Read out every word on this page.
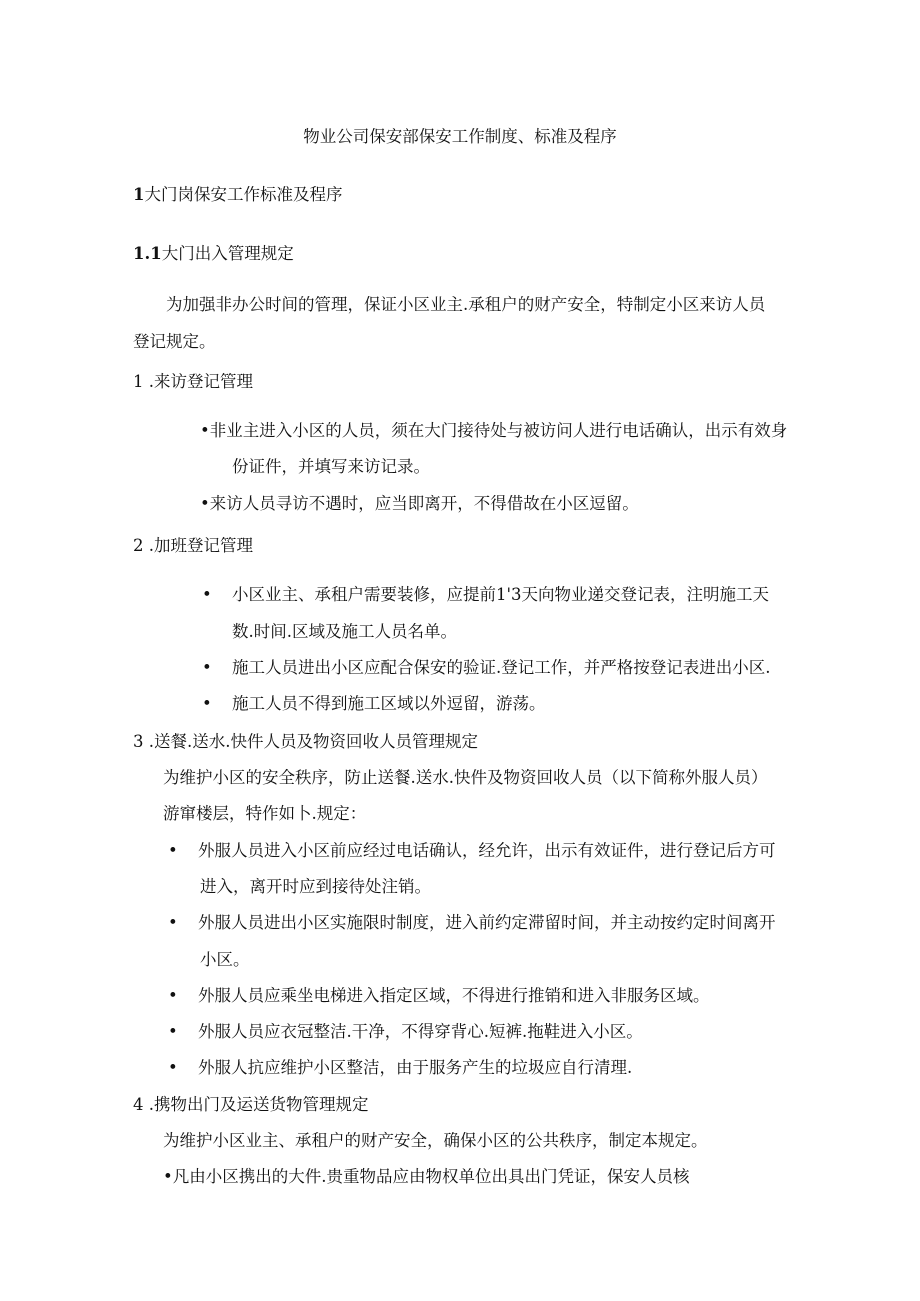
物业公司保安部保安工作制度、标准及程序
1大门岗保安工作标准及程序
1.1大门出入管理规定
为加强非办公时间的管理，保证小区业主.承租户的财产安全，特制定小区来访人员
登记规定。
1 .来访登记管理
•非业主进入小区的人员，须在大门接待处与被访问人进行电话确认，出示有效身
份证件，并填写来访记录。
•来访人员寻访不遇时，应当即离开，不得借故在小区逗留。
2 .加班登记管理
• 小区业主、承租户需要装修，应提前1'3天向物业递交登记表，注明施工天
数.时间.区域及施工人员名单。
• 施工人员进出小区应配合保安的验证.登记工作，并严格按登记表进出小区.
• 施工人员不得到施工区域以外逗留，游荡。
3 .送餐.送水.快件人员及物资回收人员管理规定
为维护小区的安全秩序，防止送餐.送水.快件及物资回收人员（以下简称外服人员）
游窜楼层，特作如卜.规定：
• 外服人员进入小区前应经过电话确认，经允许，出示有效证件，进行登记后方可
进入，离开时应到接待处注销。
• 外服人员进出小区实施限时制度，进入前约定滞留时间，并主动按约定时间离开
小区。
• 外服人员应乘坐电梯进入指定区域，不得进行推销和进入非服务区域。
• 外服人员应衣冠整洁.干净，不得穿背心.短裤.拖鞋进入小区。
• 外服人抗应维护小区整洁，由于服务产生的垃圾应自行清理.
4 .携物出门及运送货物管理规定
为维护小区业主、承租户的财产安全，确保小区的公共秩序，制定本规定。
•凡由小区携出的大件.贵重物品应由物权单位出具出门凭证，保安人员核
